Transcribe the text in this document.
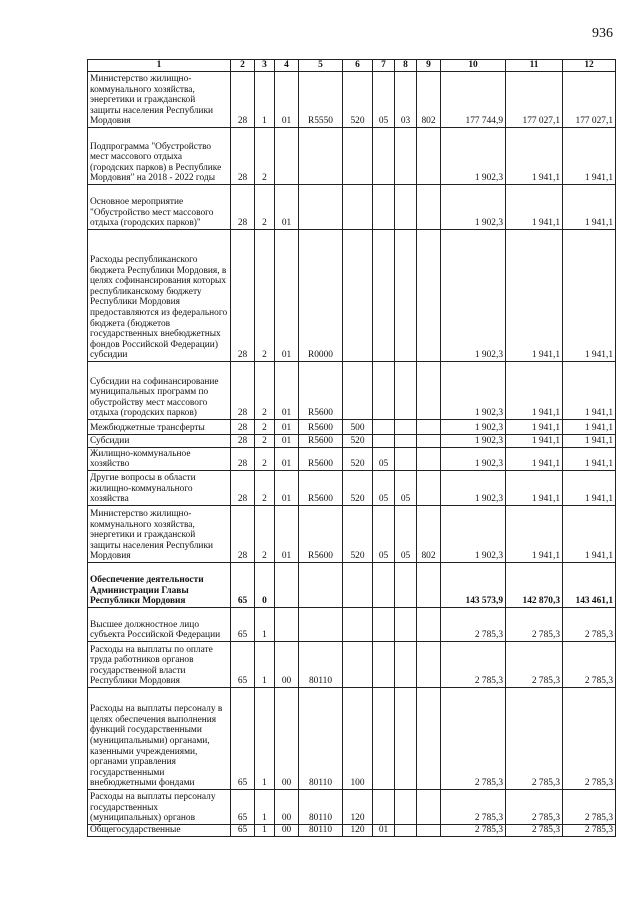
936
1	2	3	4	5	6	7	8	9	10	11	12
Министерство жилищно-коммунального хозяйства, энергетики и гражданской защиты населения Республики Мордовия	28	1	01	R5550	520	05	03	802	177 744,9	177 027,1	177 027,1
Подпрограмма "Обустройство мест массового отдыха (городских парков) в Республике Мордовия" на 2018 - 2022 годы	28	2							1 902,3	1 941,1	1 941,1
Основное мероприятие "Обустройство мест массового отдыха (городских парков)"	28	2	01						1 902,3	1 941,1	1 941,1
Расходы республиканского бюджета Республики Мордовия, в целях софинансирования которых республиканскому бюджету Республики Мордовия предоставляются из федерального бюджета (бюджетов государственных внебюджетных фондов Российской Федерации) субсидии	28	2	01	R0000					1 902,3	1 941,1	1 941,1
Субсидии на софинансирование муниципальных программ по обустройству мест массового отдыха (городских парков)	28	2	01	R5600					1 902,3	1 941,1	1 941,1
Межбюджетные трансферты	28	2	01	R5600	500				1 902,3	1 941,1	1 941,1
Субсидии	28	2	01	R5600	520				1 902,3	1 941,1	1 941,1
Жилищно-коммунальное хозяйство	28	2	01	R5600	520	05			1 902,3	1 941,1	1 941,1
Другие вопросы в области жилищно-коммунального хозяйства	28	2	01	R5600	520	05	05		1 902,3	1 941,1	1 941,1
Министерство жилищно-коммунального хозяйства, энергетики и гражданской защиты населения Республики Мордовия	28	2	01	R5600	520	05	05	802	1 902,3	1 941,1	1 941,1
Обеспечение деятельности Администрации Главы Республики Мордовия	65	0							143 573,9	142 870,3	143 461,1
Высшее должностное лицо субъекта Российской Федерации	65	1							2 785,3	2 785,3	2 785,3
Расходы на выплаты по оплате труда работников органов государственной власти Республики Мордовия	65	1	00	80110					2 785,3	2 785,3	2 785,3
Расходы на выплаты персоналу в целях обеспечения выполнения функций государственными (муниципальными) органами, казенными учреждениями, органами управления государственными внебюджетными фондами	65	1	00	80110	100				2 785,3	2 785,3	2 785,3
Расходы на выплаты персоналу государственных (муниципальных) органов	65	1	00	80110	120				2 785,3	2 785,3	2 785,3
Общегосударственные	65	1	00	80110	120	01			2 785,3	2 785,3	2 785,3
